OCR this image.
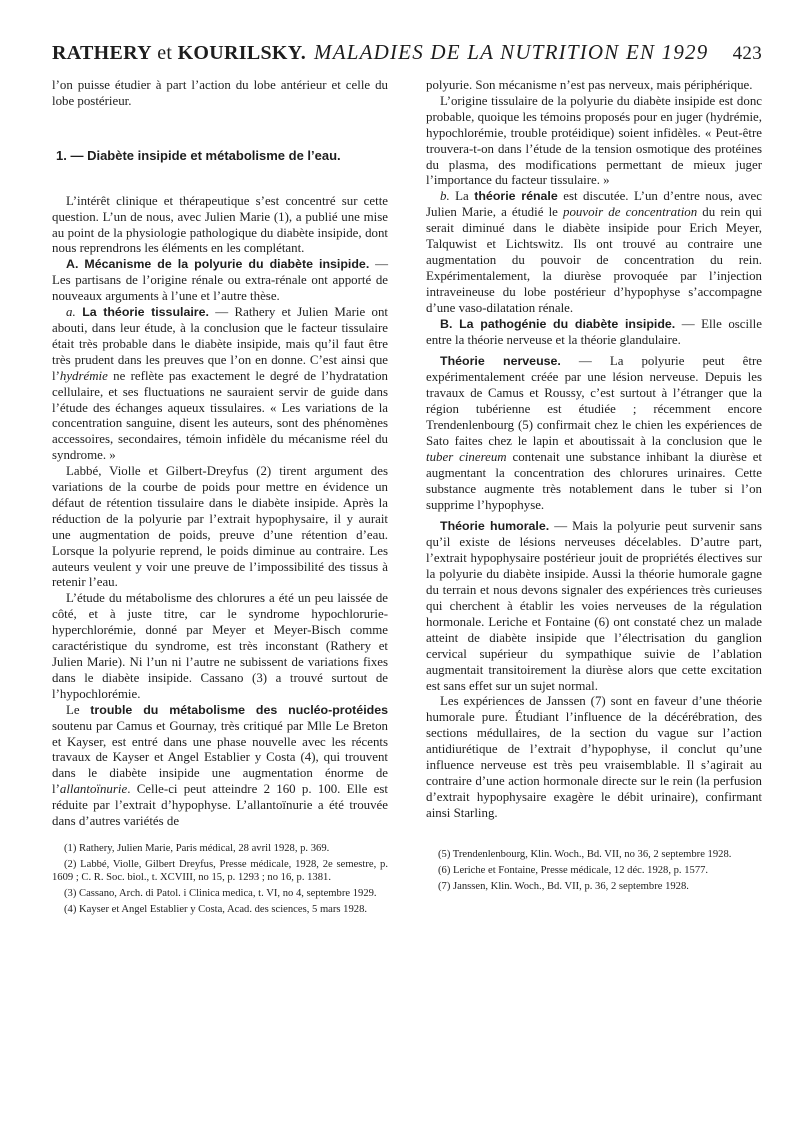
RATHERY et KOURILSKY. MALADIES DE LA NUTRITION EN 1929 423

l’on puisse étudier à part l’action du lobe antérieur et celle du lobe postérieur.

1. — Diabète insipide et métabolisme de l’eau.

L’intérêt clinique et thérapeutique s’est concentré sur cette question. L’un de nous, avec Julien Marie (1), a publié une mise au point de la physiologie pathologique du diabète insipide, dont nous reprendrons les éléments en les complétant.

A. Mécanisme de la polyurie du diabète insipide. — Les partisans de l’origine rénale ou extra-rénale ont apporté de nouveaux arguments à l’une et l’autre thèse.

a. La théorie tissulaire. — Rathery et Julien Marie ont abouti, dans leur étude, à la conclusion que le facteur tissulaire était très probable dans le diabète insipide, mais qu’il faut être très prudent dans les preuves que l’on en donne. C’est ainsi que l’hydrémie ne reflète pas exactement le degré de l’hydratation cellulaire, et ses fluctuations ne sauraient servir de guide dans l’étude des échanges aqueux tissulaires. « Les variations de la concentration sanguine, disent les auteurs, sont des phénomènes accessoires, secondaires, témoin infidèle du mécanisme réel du syndrome. »

Labbé, Violle et Gilbert-Dreyfus (2) tirent argument des variations de la courbe de poids pour mettre en évidence un défaut de rétention tissulaire dans le diabète insipide. Après la réduction de la polyurie par l’extrait hypophysaire, il y aurait une augmentation de poids, preuve d’une rétention d’eau. Lorsque la polyurie reprend, le poids diminue au contraire. Les auteurs veulent y voir une preuve de l’impossibilité des tissus à retenir l’eau.

L’étude du métabolisme des chlorures a été un peu laissée de côté, et à juste titre, car le syndrome hypochlorurie-hyperchlorémie, donné par Meyer et Meyer-Bisch comme caractéristique du syndrome, est très inconstant (Rathery et Julien Marie). Ni l’un ni l’autre ne subissent de variations fixes dans le diabète insipide. Cassano (3) a trouvé surtout de l’hypochlorémie.

Le trouble du métabolisme des nucléo-protéides soutenu par Camus et Gournay, très critiqué par Mlle Le Breton et Kayser, est entré dans une phase nouvelle avec les récents travaux de Kayser et Angel Establier y Costa (4), qui trouvent dans le diabète insipide une augmentation énorme de l’allantoïnurie. Celle-ci peut atteindre 2 160 p. 100. Elle est réduite par l’extrait d’hypophyse. L’allantoïnurie a été trouvée dans d’autres variétés de

(1) Rathery, Julien Marie, Paris médical, 28 avril 1928, p. 369.

(2) Labbé, Violle, Gilbert Dreyfus, Presse médicale, 1928, 2e semestre, p. 1609 ; C. R. Soc. biol., t. XCVIII, no 15, p. 1293 ; no 16, p. 1381.

(3) Cassano, Arch. di Patol. i Clinica medica, t. VI, no 4, septembre 1929.

(4) Kayser et Angel Establier y Costa, Acad. des sciences, 5 mars 1928.

polyurie. Son mécanisme n’est pas nerveux, mais périphérique.

L’origine tissulaire de la polyurie du diabète insipide est donc probable, quoique les témoins proposés pour en juger (hydrémie, hypochlorémie, trouble protéidique) soient infidèles. « Peut-être trouvera-t-on dans l’étude de la tension osmotique des protéines du plasma, des modifications permettant de mieux juger l’importance du facteur tissulaire. »

b. La théorie rénale est discutée. L’un d’entre nous, avec Julien Marie, a étudié le pouvoir de concentration du rein qui serait diminué dans le diabète insipide pour Erich Meyer, Talquwist et Lichtswitz. Ils ont trouvé au contraire une augmentation du pouvoir de concentration du rein. Expérimentalement, la diurèse provoquée par l’injection intraveineuse du lobe postérieur d’hypophyse s’accompagne d’une vaso-dilatation rénale.

B. La pathogénie du diabète insipide. — Elle oscille entre la théorie nerveuse et la théorie glandulaire.

Théorie nerveuse. — La polyurie peut être expérimentalement créée par une lésion nerveuse. Depuis les travaux de Camus et Roussy, c’est surtout à l’étranger que la région tubérienne est étudiée ; récemment encore Trendenlenbourg (5) confirmait chez le chien les expériences de Sato faites chez le lapin et aboutissait à la conclusion que le tuber cinereum contenait une substance inhibant la diurèse et augmentant la concentration des chlorures urinaires. Cette substance augmente très notablement dans le tuber si l’on supprime l’hypophyse.

Théorie humorale. — Mais la polyurie peut survenir sans qu’il existe de lésions nerveuses décelables. D’autre part, l’extrait hypophysaire postérieur jouit de propriétés électives sur la polyurie du diabète insipide. Aussi la théorie humorale gagne du terrain et nous devons signaler des expériences très curieuses qui cherchent à établir les voies nerveuses de la régulation hormonale. Leriche et Fontaine (6) ont constaté chez un malade atteint de diabète insipide que l’électrisation du ganglion cervical supérieur du sympathique suivie de l’ablation augmentait transitoirement la diurèse alors que cette excitation est sans effet sur un sujet normal.

Les expériences de Janssen (7) sont en faveur d’une théorie humorale pure. Étudiant l’influence de la décérébration, des sections médullaires, de la section du vague sur l’action antidiurétique de l’extrait d’hypophyse, il conclut qu’une influence nerveuse est très peu vraisemblable. Il s’agirait au contraire d’une action hormonale directe sur le rein (la perfusion d’extrait hypophysaire exagère le débit urinaire), confirmant ainsi Starling.

(5) Trendenlenbourg, Klin. Woch., Bd. VII, no 36, 2 septembre 1928.

(6) Leriche et Fontaine, Presse médicale, 12 déc. 1928, p. 1577.

(7) Janssen, Klin. Woch., Bd. VII, p. 36, 2 septembre 1928.
